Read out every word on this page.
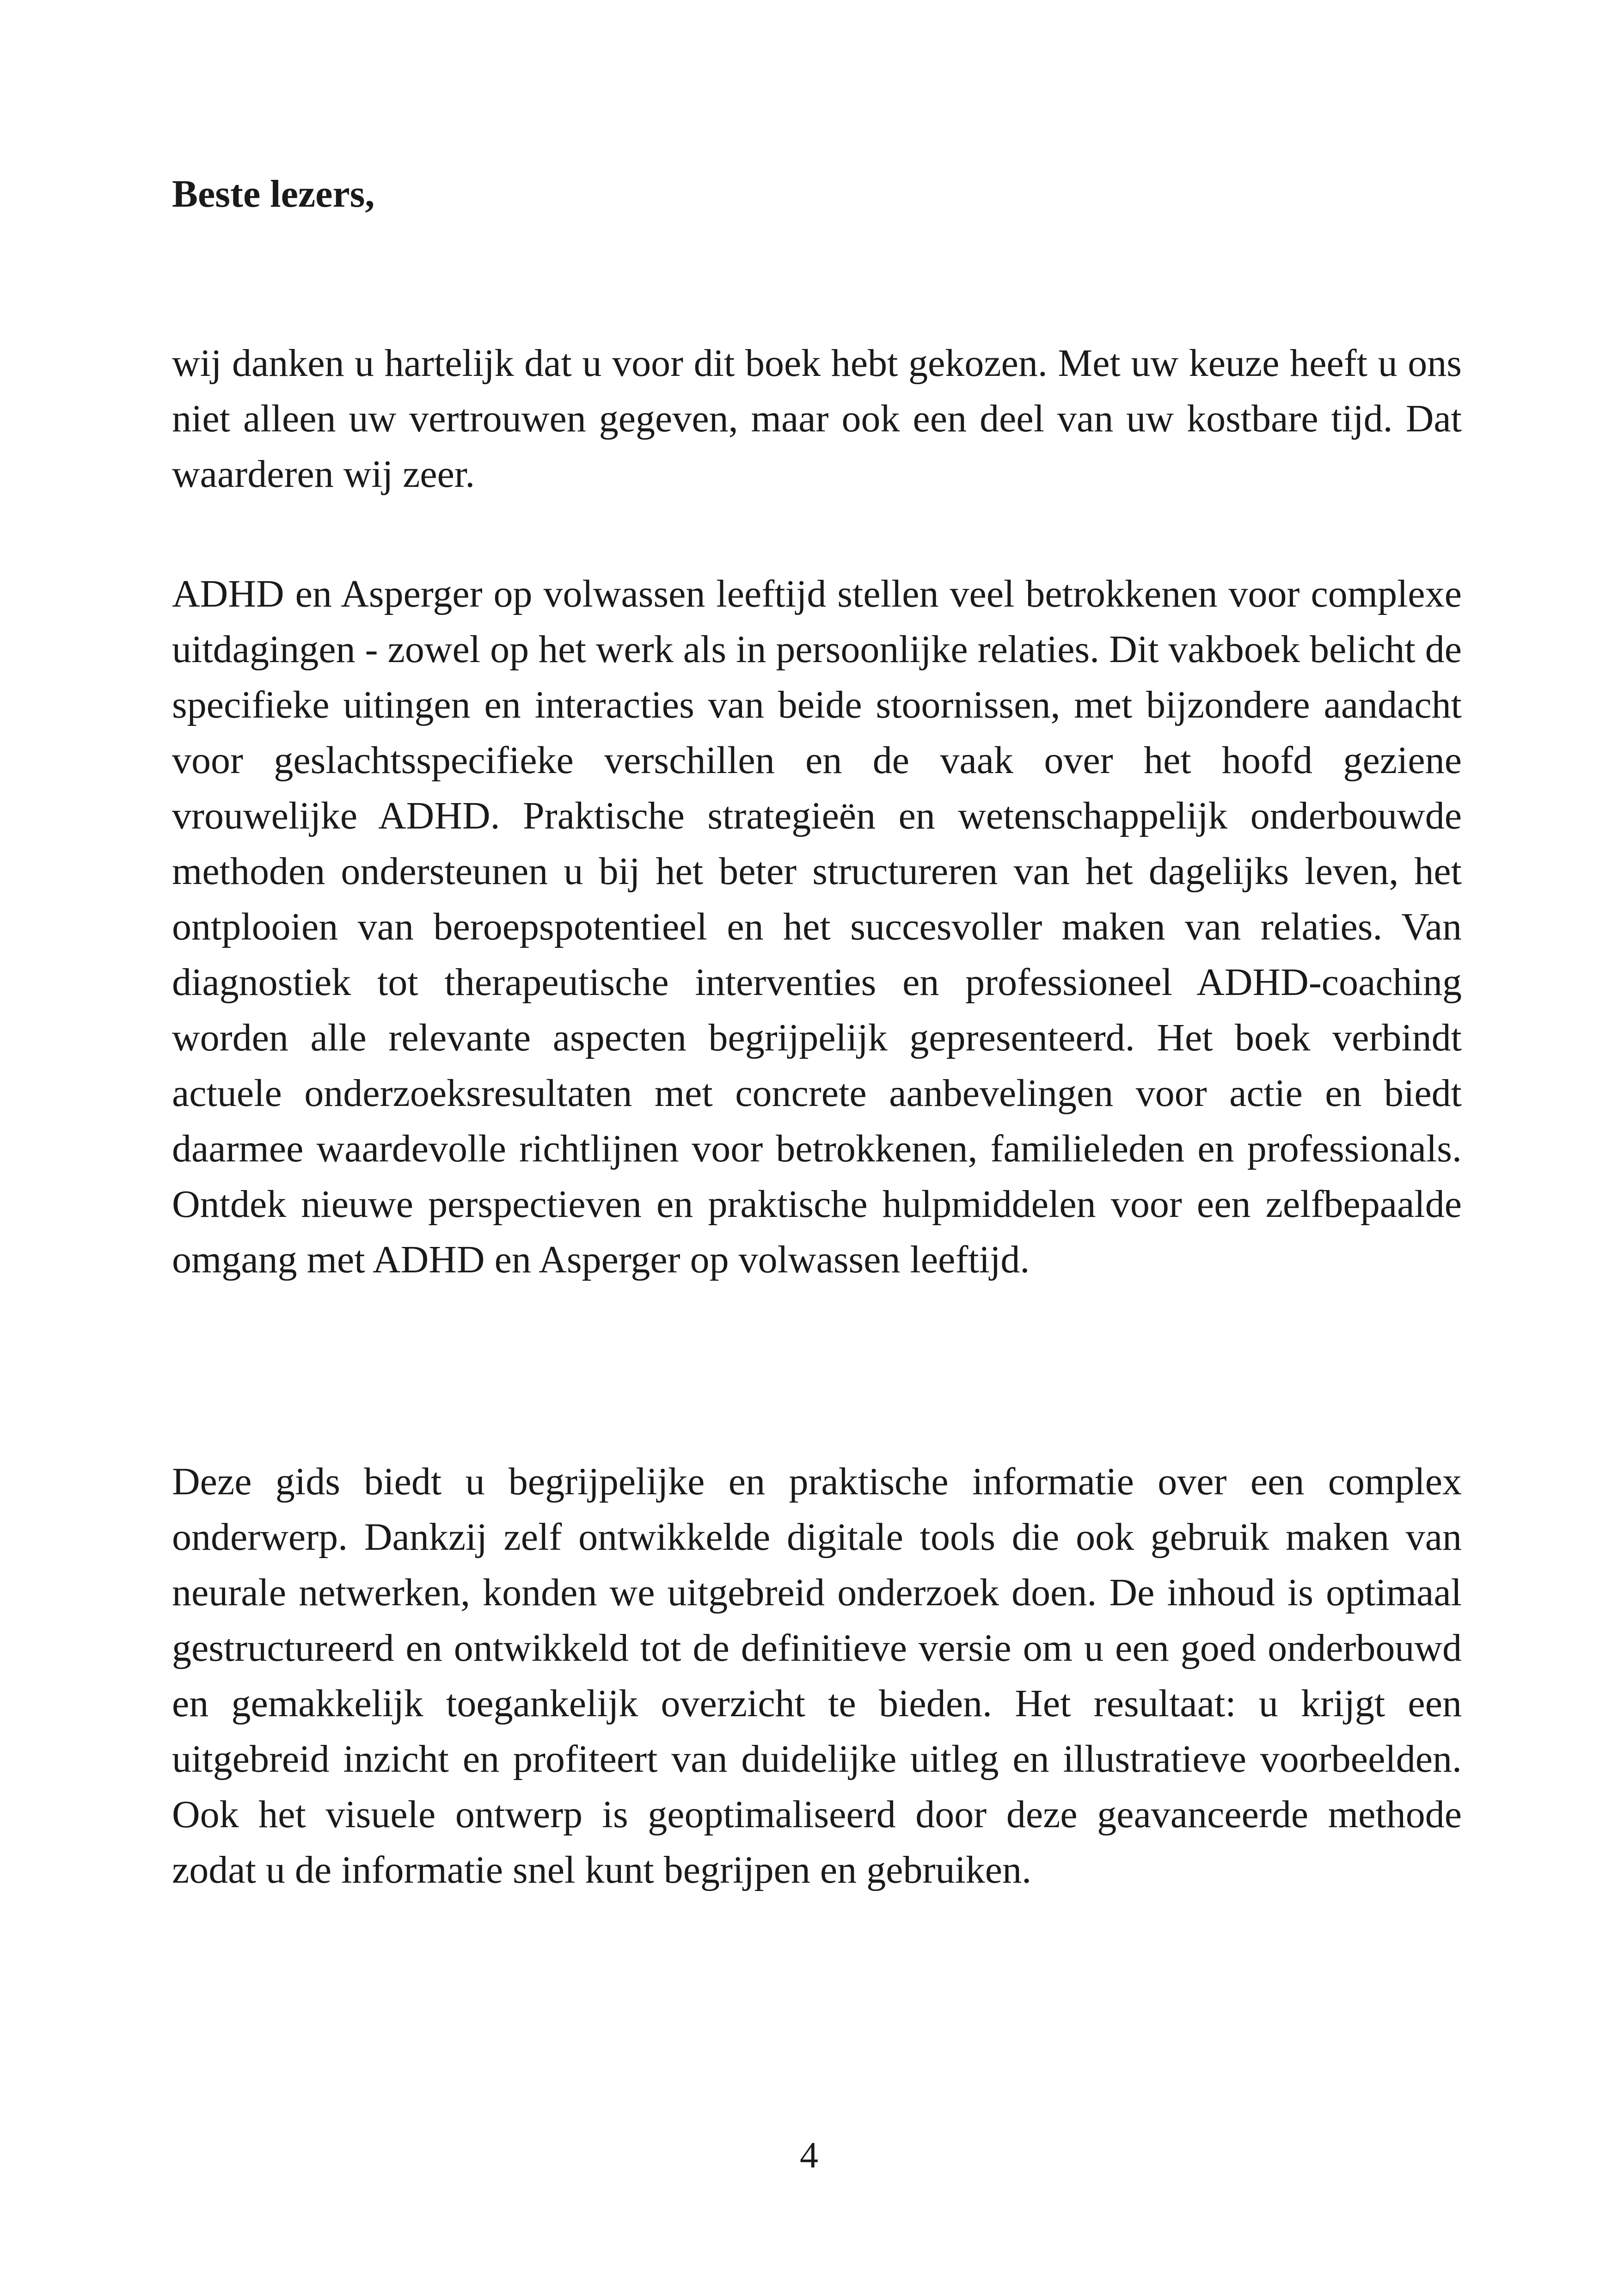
Beste lezers,

wij danken u hartelijk dat u voor dit boek hebt gekozen. Met uw keuze heeft u ons niet alleen uw vertrouwen gegeven, maar ook een deel van uw kostbare tijd. Dat waarderen wij zeer.

ADHD en Asperger op volwassen leeftijd stellen veel betrokkenen voor complexe uitdagingen - zowel op het werk als in persoonlijke relaties. Dit vakboek belicht de specifieke uitingen en interacties van beide stoornissen, met bijzondere aandacht voor geslachtsspecifieke verschillen en de vaak over het hoofd geziene vrouwelijke ADHD. Praktische strategieën en wetenschappelijk onderbouwde methoden ondersteunen u bij het beter structureren van het dagelijks leven, het ontplooien van beroepspotentieel en het succesvoller maken van relaties. Van diagnostiek tot therapeutische interventies en professioneel ADHD-coaching worden alle relevante aspecten begrijpelijk gepresenteerd. Het boek verbindt actuele onderzoeksresultaten met concrete aanbevelingen voor actie en biedt daarmee waardevolle richtlijnen voor betrokkenen, familieleden en professionals. Ontdek nieuwe perspectieven en praktische hulpmiddelen voor een zelfbepaalde omgang met ADHD en Asperger op volwassen leeftijd.

Deze gids biedt u begrijpelijke en praktische informatie over een complex onderwerp. Dankzij zelf ontwikkelde digitale tools die ook gebruik maken van neurale netwerken, konden we uitgebreid onderzoek doen. De inhoud is optimaal gestructureerd en ontwikkeld tot de definitieve versie om u een goed onderbouwd en gemakkelijk toegankelijk overzicht te bieden. Het resultaat: u krijgt een uitgebreid inzicht en profiteert van duidelijke uitleg en illustratieve voorbeelden. Ook het visuele ontwerp is geoptimaliseerd door deze geavanceerde methode zodat u de informatie snel kunt begrijpen en gebruiken.

4
